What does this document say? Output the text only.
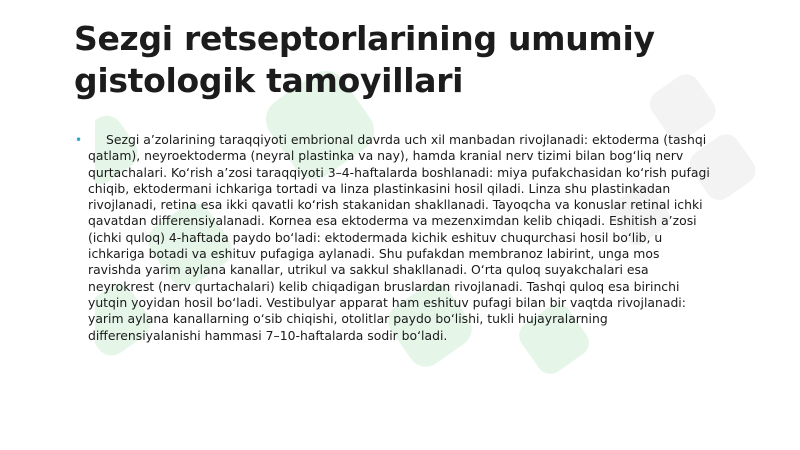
Sezgi retseptorlarining umumiy gistologik tamoyillari
•	Sezgi a’zolarining taraqqiyoti embrional davrda uch xil manbadan rivojlanadi: ektoderma (tashqi qatlam), neyroektoderma (neyral plastinka va nay), hamda kranial nerv tizimi bilan bog‘liq nerv qurtachalari. Ko‘rish a’zosi taraqqiyoti 3–4-haftalarda boshlanadi: miya pufakchasidan ko‘rish pufagi chiqib, ektodermani ichkariga tortadi va linza plastinkasini hosil qiladi. Linza shu plastinkadan rivojlanadi, retina esa ikki qavatli ko‘rish stakanidan shakllanadi. Tayoqcha va konuslar retinal ichki qavatdan differensiyalanadi. Kornea esa ektoderma va mezenximdan kelib chiqadi. Eshitish a’zosi (ichki quloq) 4-haftada paydo bo‘ladi: ektodermada kichik eshituv chuqurchasi hosil bo‘lib, u ichkariga botadi va eshituv pufagiga aylanadi. Shu pufakdan membranoz labirint, unga mos ravishda yarim aylana kanallar, utrikul va sakkul shakllanadi. O‘rta quloq suyakchalari esa neyrokrest (nerv qurtachalari) kelib chiqadigan bruslardan rivojlanadi. Tashqi quloq esa birinchi yutqin yoyidan hosil bo‘ladi. Vestibulyar apparat ham eshituv pufagi bilan bir vaqtda rivojlanadi: yarim aylana kanallarning o‘sib chiqishi, otolitlar paydo bo‘lishi, tukli hujayralarning differensiyalanishi hammasi 7–10-haftalarda sodir bo‘ladi.
